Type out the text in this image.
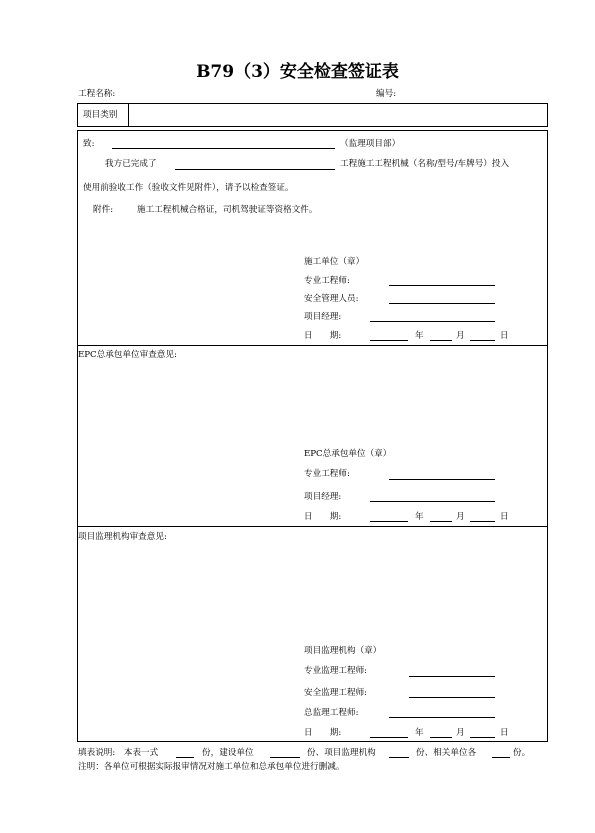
B79（3）安全检查签证表
工程名称:	编号:
项目类别
致:	（监理项目部）
我方已完成了	工程施工工程机械（名称/型号/车牌号）投入
使用前验收工作（验收文件见附件），请予以检查签证。
附件:	施工工程机械合格证，司机驾驶证等资格文件。
施工单位（章）
专业工程师:
安全管理人员:
项目经理:
日　　期:	年	月	日
EPC总承包单位审查意见:
EPC总承包单位（章）
专业工程师:
项目经理:
日　　期:	年	月	日
项目监理机构审查意见:
项目监理机构（章）
专业监理工程师:
安全监理工程师:
总监理工程师:
日　　期:	年	月	日
填表说明:　本表一式	份，建设单位	份、项目监理机构	份、相关单位各	份。
注明：各单位可根据实际报审情况对施工单位和总承包单位进行删减。
